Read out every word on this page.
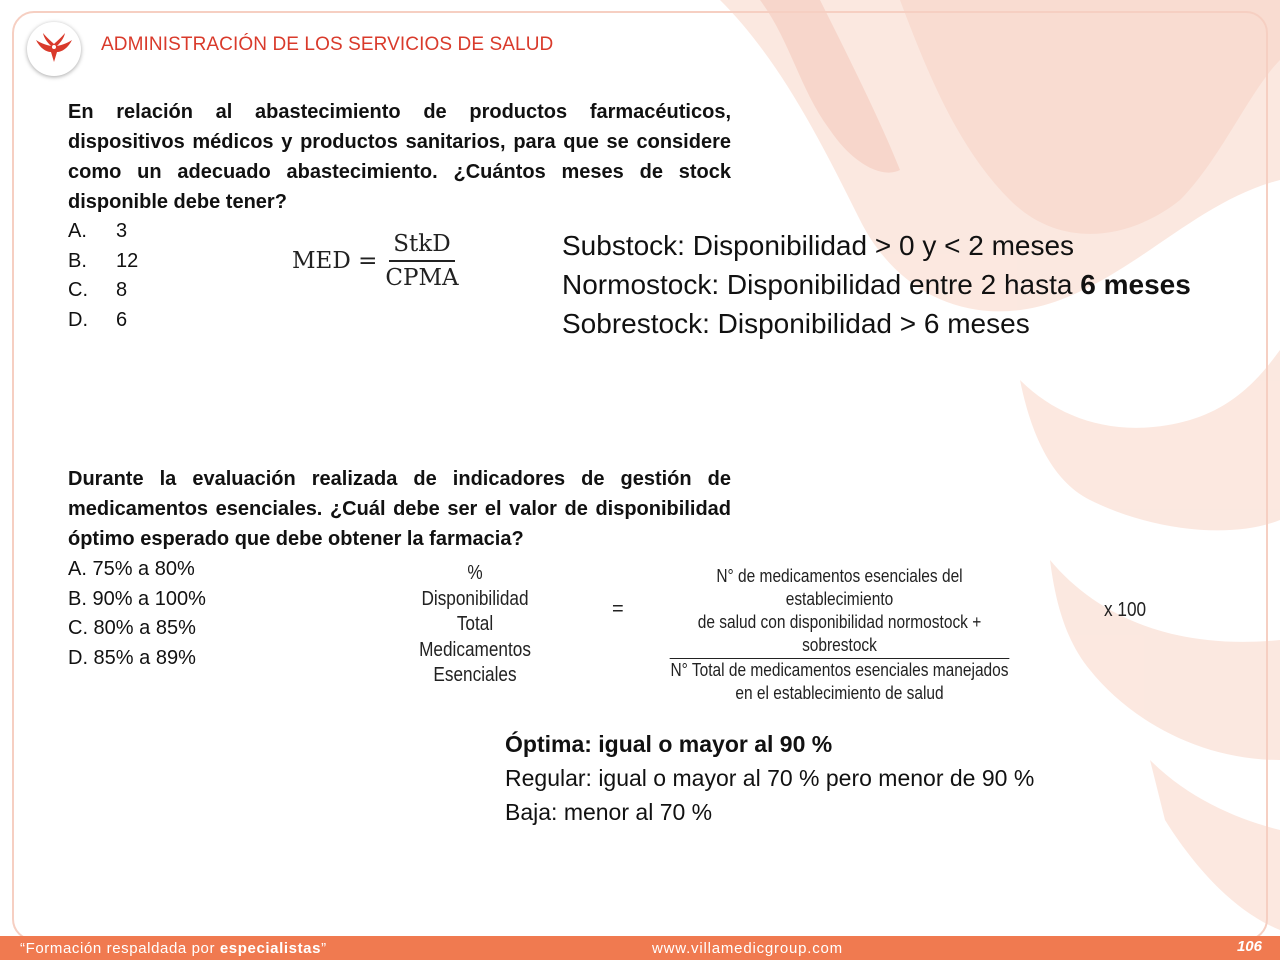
ADMINISTRACIÓN DE LOS SERVICIOS DE SALUD
En relación al abastecimiento de productos farmacéuticos, dispositivos médicos y productos sanitarios, para que se considere como un adecuado abastecimiento. ¿Cuántos meses de stock disponible debe tener?
A.	3
B.	12
C.	8
D.	6
MED = $\frac{\text{StkD}}{\text{CPMA}}$	Substock: Disponibilidad > 0 y < 2 meses
Normostock: Disponibilidad entre 2 hasta 6 meses
Sobrestock: Disponibilidad > 6 meses
Durante la evaluación realizada de indicadores de gestión de medicamentos esenciales. ¿Cuál debe ser el valor de disponibilidad óptimo esperado que debe obtener la farmacia?
A. 75% a 80%
B. 90% a 100%
C. 80% a 85%
D. 85% a 89%
% Disponibilidad
Total
Medicamentos
Esenciales
=
N° de medicamentos esenciales del establecimiento
de salud con disponibilidad normostock + sobrestock
N° Total de medicamentos esenciales manejados
en el establecimiento de salud
x 100
Óptima: igual o mayor al 90 %
Regular: igual o mayor al 70 % pero menor de 90 %
Baja: menor al 70 %
“Formación respaldada por especialistas”	www.villamedicgroup.com	106
